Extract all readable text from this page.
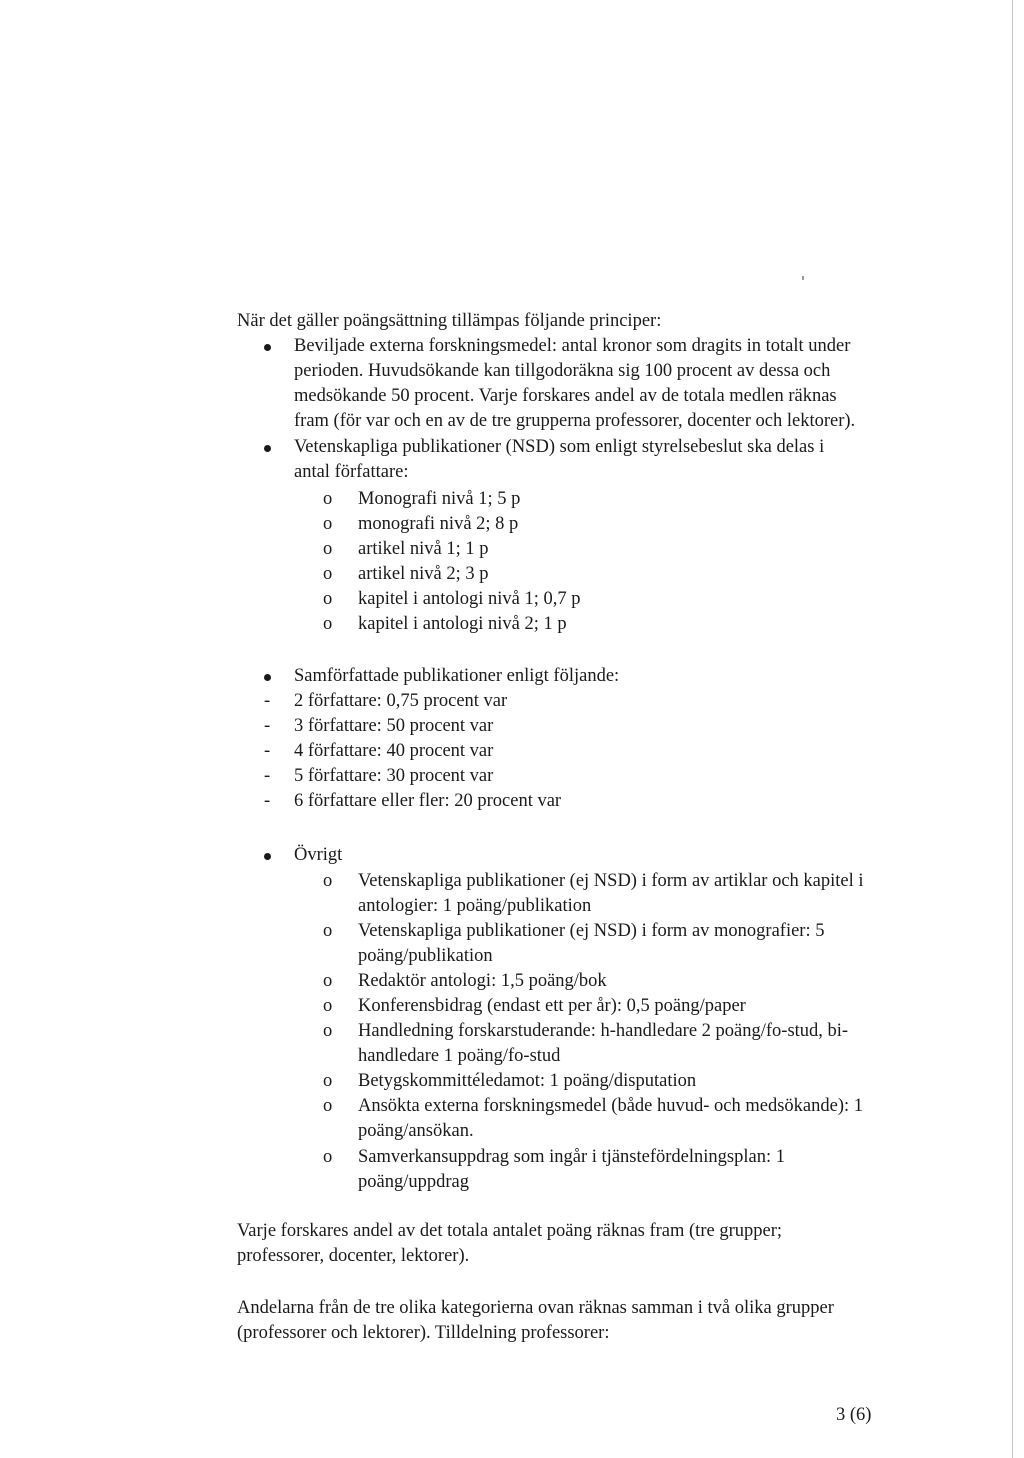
När det gäller poängsättning tillämpas följande principer:

Beviljade externa forskningsmedel: antal kronor som dragits in totalt under

perioden. Huvudsökande kan tillgodoräkna sig 100 procent av dessa och

medsökande 50 procent. Varje forskares andel av de totala medlen räknas

fram (för var och en av de tre grupperna professorer, docenter och lektorer).

Vetenskapliga publikationer (NSD) som enligt styrelsebeslut ska delas i

antal författare:

o Monografi nivå 1; 5 p

o monografi nivå 2; 8 p

o artikel nivå 1; 1 p

o artikel nivå 2; 3 p

o kapitel i antologi nivå 1; 0,7 p

o kapitel i antologi nivå 2; 1 p

Samförfattade publikationer enligt följande:

- 2 författare: 0,75 procent var

- 3 författare: 50 procent var

- 4 författare: 40 procent var

- 5 författare: 30 procent var

- 6 författare eller fler: 20 procent var

Övrigt

o Vetenskapliga publikationer (ej NSD) i form av artiklar och kapitel i

antologier: 1 poäng/publikation

o Vetenskapliga publikationer (ej NSD) i form av monografier: 5

poäng/publikation

o Redaktör antologi: 1,5 poäng/bok

o Konferensbidrag (endast ett per år): 0,5 poäng/paper

o Handledning forskarstuderande: h-handledare 2 poäng/fo-stud, bi-

handledare 1 poäng/fo-stud

o Betygskommittéledamot: 1 poäng/disputation

o Ansökta externa forskningsmedel (både huvud- och medsökande): 1

poäng/ansökan.

o Samverkansuppdrag som ingår i tjänstefördelningsplan: 1

poäng/uppdrag

Varje forskares andel av det totala antalet poäng räknas fram (tre grupper;

professorer, docenter, lektorer).

Andelarna från de tre olika kategorierna ovan räknas samman i två olika grupper

(professorer och lektorer). Tilldelning professorer:

3 (6)
